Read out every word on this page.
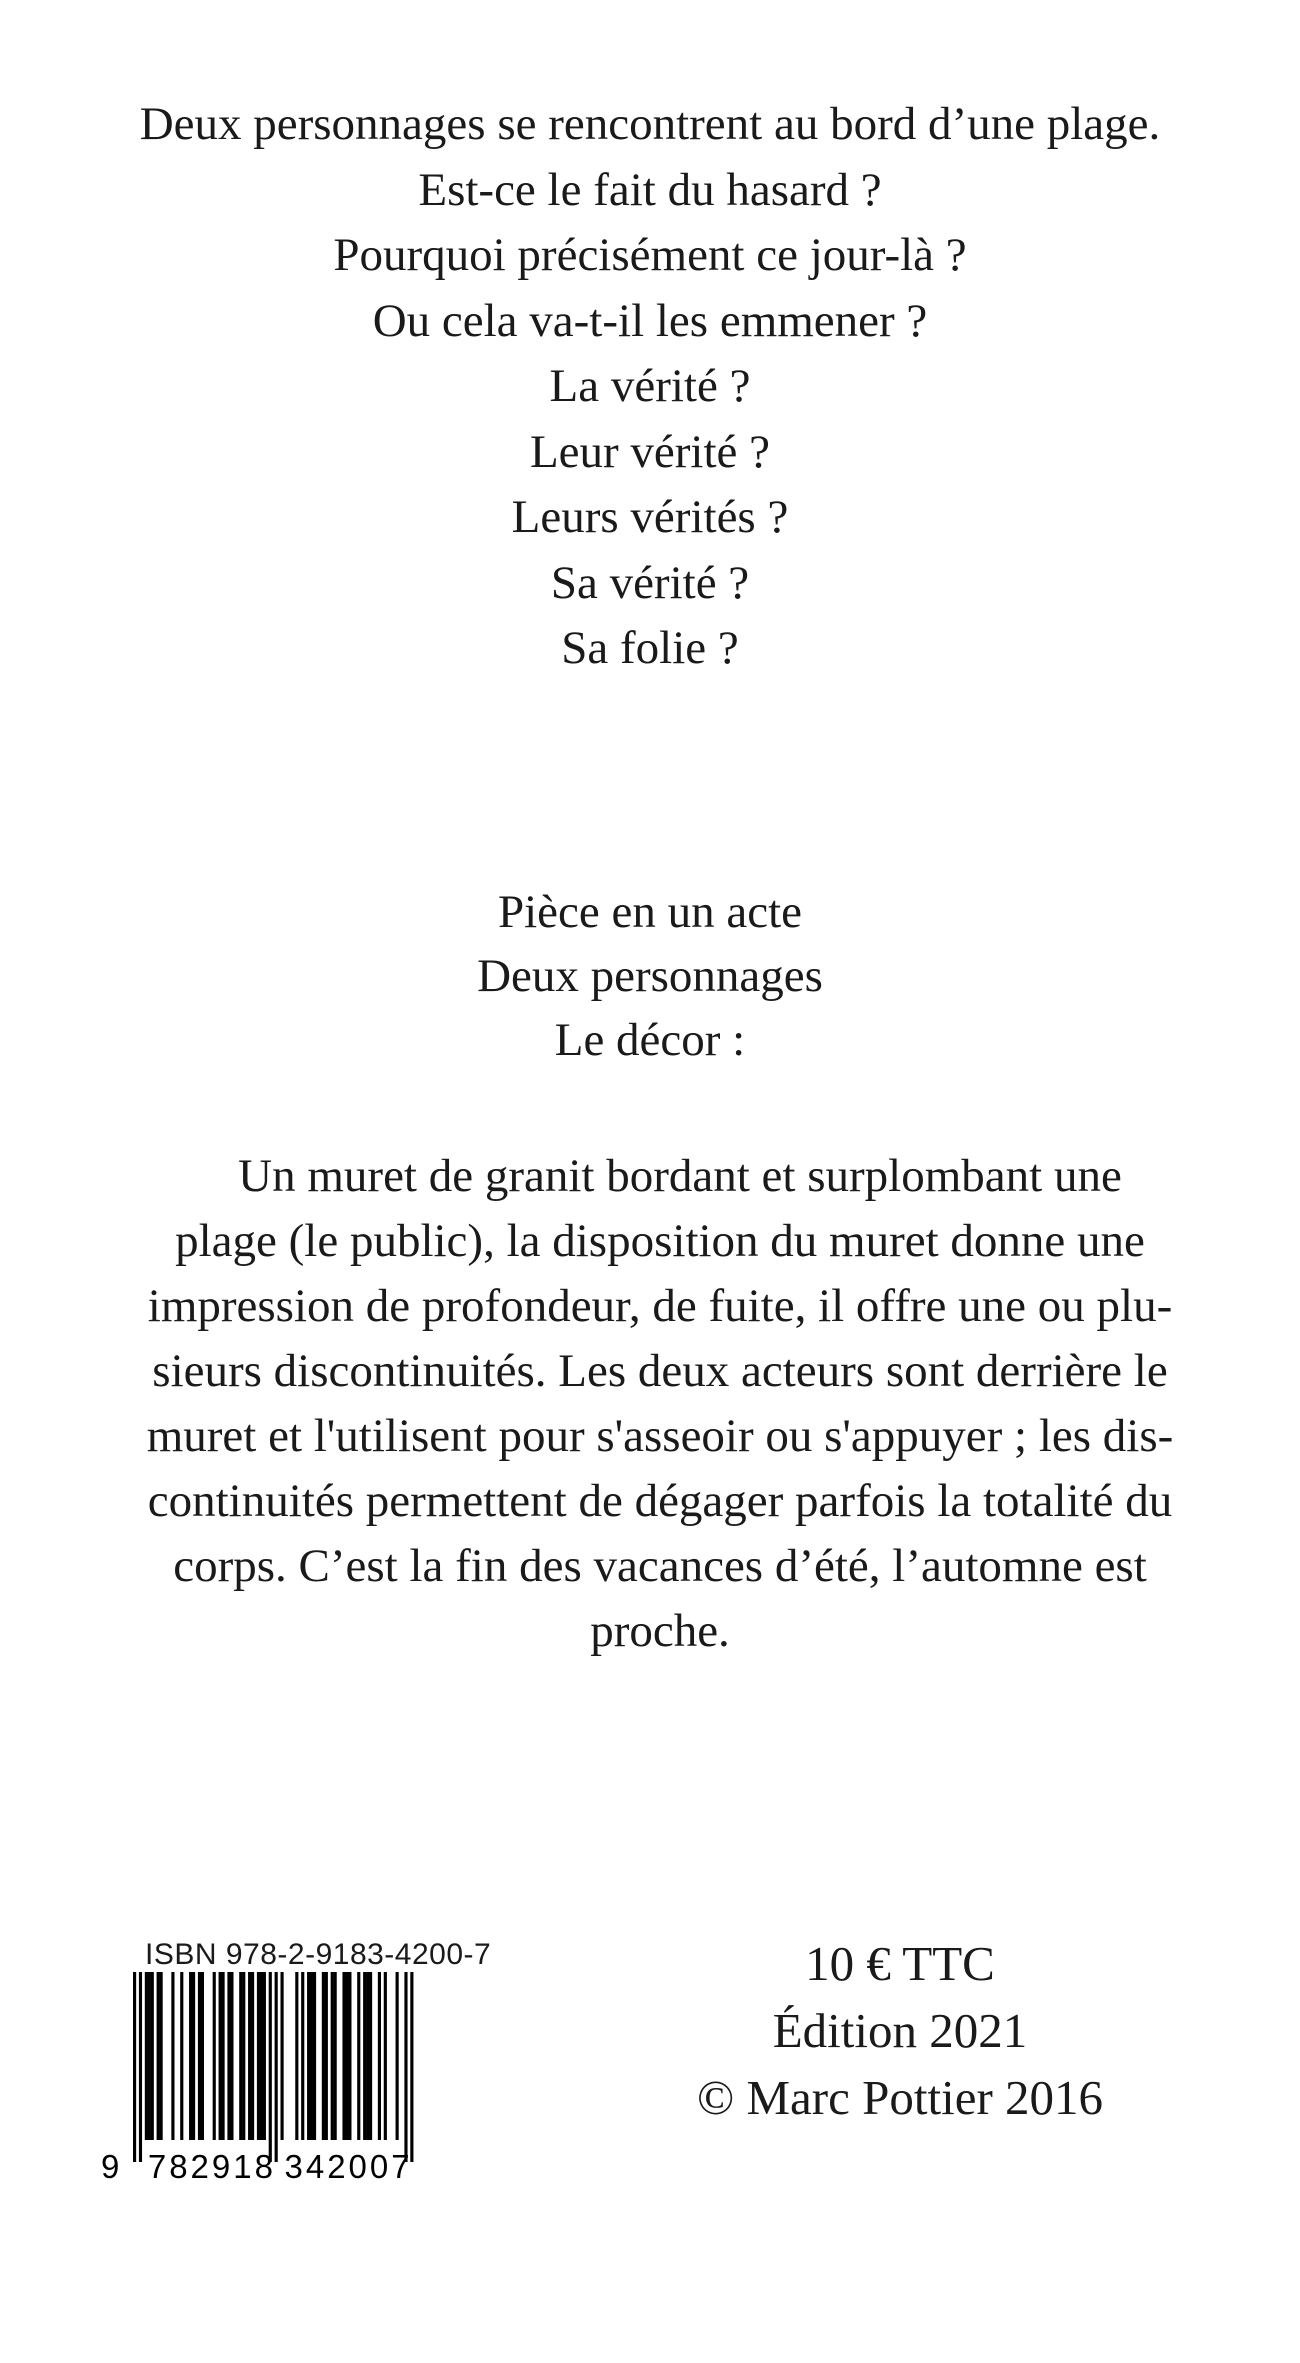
Deux personnages se rencontrent au bord d’une plage.
Est-ce le fait du hasard ?
Pourquoi précisément ce jour-là ?
Ou cela va-t-il les emmener ?
La vérité ?
Leur vérité ?
Leurs vérités ?
Sa vérité ?
Sa folie ?
Pièce en un acte
Deux personnages
Le décor :
Un muret de granit bordant et surplombant une
plage (le public), la disposition du muret donne une
impression de profondeur, de fuite, il offre une ou plu-
sieurs discontinuités. Les deux acteurs sont derrière le
muret et l'utilisent pour s'asseoir ou s'appuyer ; les dis-
continuités permettent de dégager parfois la totalité du
corps. C’est la fin des vacances d’été, l’automne est
proche.
ISBN 978-2-9183-4200-7
9 782918 342007
10 € TTC
Édition 2021
© Marc Pottier 2016
